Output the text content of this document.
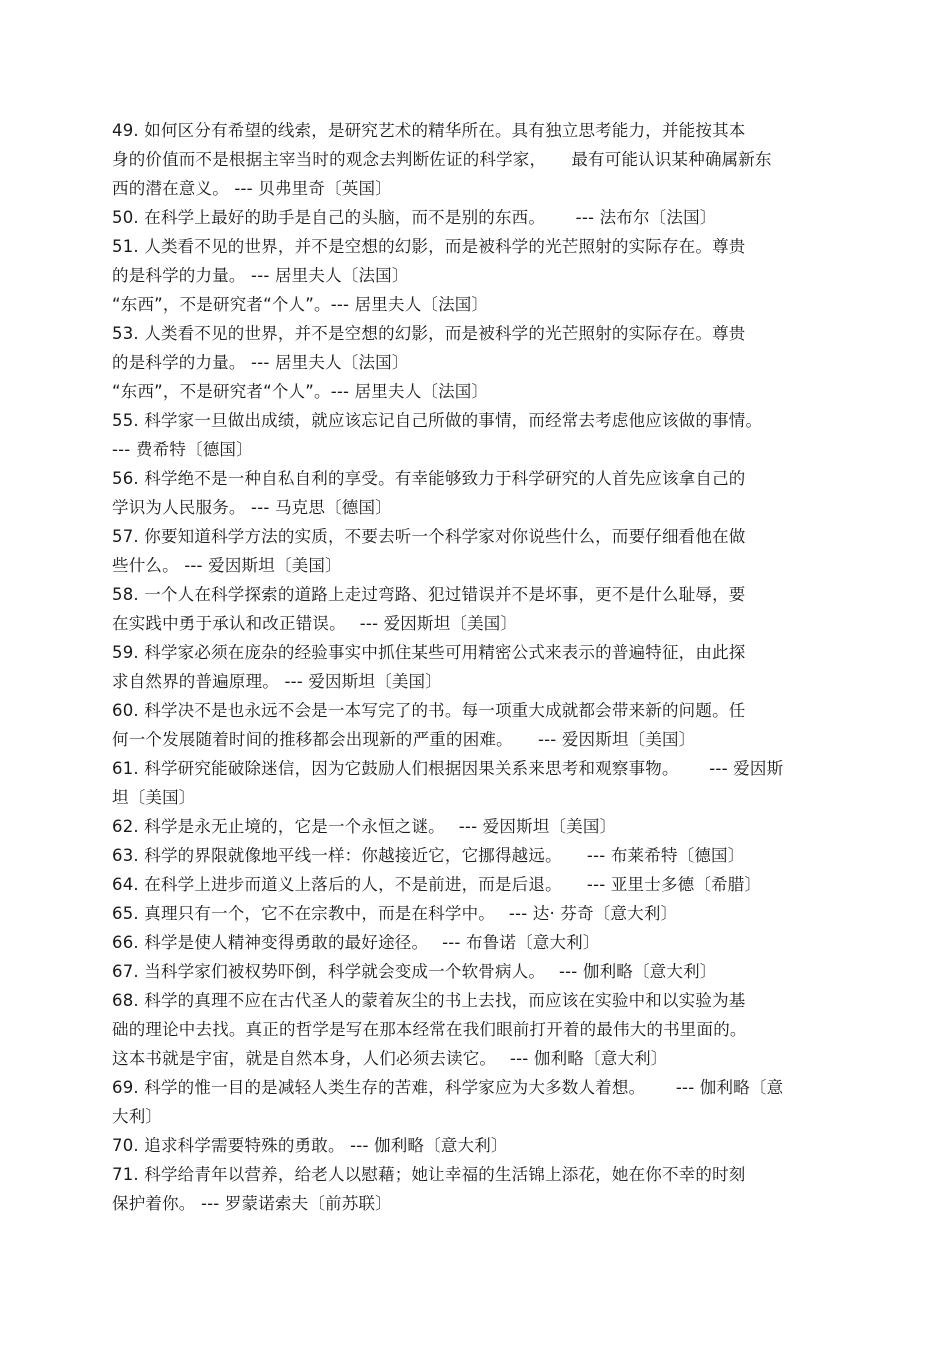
49. 如何区分有希望的线索，是研究艺术的精华所在。具有独立思考能力，并能按其本
身的价值而不是根据主宰当时的观念去判断佐证的科学家，　　最有可能认识某种确属新东
西的潜在意义。 --- 贝弗里奇〔英国〕
50. 在科学上最好的助手是自己的头脑，而不是别的东西。　　 --- 法布尔〔法国〕
51. 人类看不见的世界，并不是空想的幻影，而是被科学的光芒照射的实际存在。尊贵
的是科学的力量。 --- 居里夫人〔法国〕
“东西”，不是研究者“个人”。--- 居里夫人〔法国〕
53. 人类看不见的世界，并不是空想的幻影，而是被科学的光芒照射的实际存在。尊贵
的是科学的力量。 --- 居里夫人〔法国〕
“东西”，不是研究者“个人”。--- 居里夫人〔法国〕
55. 科学家一旦做出成绩，就应该忘记自己所做的事情，而经常去考虑他应该做的事情。
--- 费希特〔德国〕
56. 科学绝不是一种自私自利的享受。有幸能够致力于科学研究的人首先应该拿自己的
学识为人民服务。 --- 马克思〔德国〕
57. 你要知道科学方法的实质，不要去听一个科学家对你说些什么，而要仔细看他在做
些什么。 --- 爱因斯坦〔美国〕
58. 一个人在科学探索的道路上走过弯路、犯过错误并不是坏事，更不是什么耻辱，要
在实践中勇于承认和改正错误。　 --- 爱因斯坦〔美国〕
59. 科学家必须在庞杂的经验事实中抓住某些可用精密公式来表示的普遍特征，由此探
求自然界的普遍原理。 --- 爱因斯坦〔美国〕
60. 科学决不是也永远不会是一本写完了的书。每一项重大成就都会带来新的问题。任
何一个发展随着时间的推移都会出现新的严重的困难。　　--- 爱因斯坦〔美国〕
61. 科学研究能破除迷信，因为它鼓励人们根据因果关系来思考和观察事物。　　 --- 爱因斯
坦〔美国〕
62. 科学是永无止境的，它是一个永恒之谜。　 --- 爱因斯坦〔美国〕
63. 科学的界限就像地平线一样：你越接近它，它挪得越远。　　--- 布莱希特〔德国〕
64. 在科学上进步而道义上落后的人，不是前进，而是后退。　　--- 亚里士多德〔希腊〕
65. 真理只有一个，它不在宗教中，而是在科学中。　 --- 达· 芬奇〔意大利〕
66. 科学是使人精神变得勇敢的最好途径。　 --- 布鲁诺〔意大利〕
67. 当科学家们被权势吓倒，科学就会变成一个软骨病人。　 --- 伽利略〔意大利〕
68. 科学的真理不应在古代圣人的蒙着灰尘的书上去找，而应该在实验中和以实验为基
础的理论中去找。真正的哲学是写在那本经常在我们眼前打开着的最伟大的书里面的。
这本书就是宇宙，就是自然本身，人们必须去读它。　 --- 伽利略〔意大利〕
69. 科学的惟一目的是减轻人类生存的苦难，科学家应为大多数人着想。　　 --- 伽利略〔意
大利〕
70. 追求科学需要特殊的勇敢。 --- 伽利略〔意大利〕
71. 科学给青年以营养，给老人以慰藉；她让幸福的生活锦上添花，她在你不幸的时刻
保护着你。 --- 罗蒙诺索夫〔前苏联〕
